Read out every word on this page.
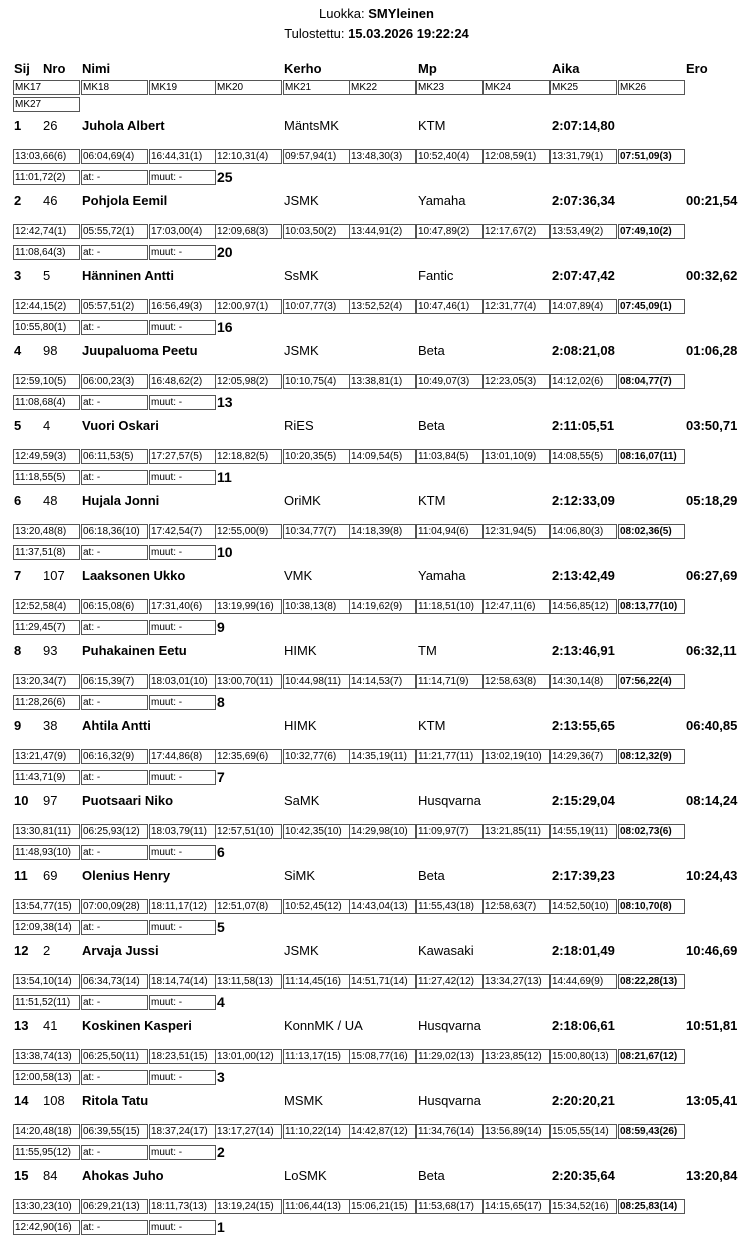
Luokka: SMYleinen
Tulostettu: 15.03.2026 19:22:24
Sij Nro Nimi	Kerho	Mp	Aika	Ero
MK17	MK18	MK19	MK20	MK21	MK22	MK23	MK24	MK25	MK26
MK27
1 26 Juhola Albert	MäntsMK	KTM	2:07:14,80
13:03,66(6)	06:04,69(4)	16:44,31(1)	12:10,31(4)	09:57,94(1)	13:48,30(3)	10:52,40(4)	12:08,59(1)	13:31,79(1)	07:51,09(3)
11:01,72(2)	at: -	muut: -	25
2 46 Pohjola Eemil	JSMK	Yamaha	2:07:36,34	00:21,54
12:42,74(1)	05:55,72(1)	17:03,00(4)	12:09,68(3)	10:03,50(2)	13:44,91(2)	10:47,89(2)	12:17,67(2)	13:53,49(2)	07:49,10(2)
11:08,64(3)	at: -	muut: -	20
3 5 Hänninen Antti	SsMK	Fantic	2:07:47,42	00:32,62
12:44,15(2)	05:57,51(2)	16:56,49(3)	12:00,97(1)	10:07,77(3)	13:52,52(4)	10:47,46(1)	12:31,77(4)	14:07,89(4)	07:45,09(1)
10:55,80(1)	at: -	muut: -	16
4 98 Juupaluoma Peetu	JSMK	Beta	2:08:21,08	01:06,28
12:59,10(5)	06:00,23(3)	16:48,62(2)	12:05,98(2)	10:10,75(4)	13:38,81(1)	10:49,07(3)	12:23,05(3)	14:12,02(6)	08:04,77(7)
11:08,68(4)	at: -	muut: -	13
5 4 Vuori Oskari	RiES	Beta	2:11:05,51	03:50,71
12:49,59(3)	06:11,53(5)	17:27,57(5)	12:18,82(5)	10:20,35(5)	14:09,54(5)	11:03,84(5)	13:01,10(9)	14:08,55(5)	08:16,07(11)
11:18,55(5)	at: -	muut: -	11
6 48 Hujala Jonni	OriMK	KTM	2:12:33,09	05:18,29
13:20,48(8)	06:18,36(10)	17:42,54(7)	12:55,00(9)	10:34,77(7)	14:18,39(8)	11:04,94(6)	12:31,94(5)	14:06,80(3)	08:02,36(5)
11:37,51(8)	at: -	muut: -	10
7 107 Laaksonen Ukko	VMK	Yamaha	2:13:42,49	06:27,69
12:52,58(4)	06:15,08(6)	17:31,40(6)	13:19,99(16)	10:38,13(8)	14:19,62(9)	11:18,51(10)	12:47,11(6)	14:56,85(12)	08:13,77(10)
11:29,45(7)	at: -	muut: -	9
8 93 Puhakainen Eetu	HIMK	TM	2:13:46,91	06:32,11
13:20,34(7)	06:15,39(7)	18:03,01(10) 13:00,70(11)	10:44,98(11)	14:14,53(7)	11:14,71(9)	12:58,63(8)	14:30,14(8)	07:56,22(4)
11:28,26(6)	at: -	muut: -	8
9 38 Ahtila Antti	HIMK	KTM	2:13:55,65	06:40,85
13:21,47(9)	06:16,32(9)	17:44,86(8)	12:35,69(6)	10:32,77(6)	14:35,19(11)	11:21,77(11)	13:02,19(10)	14:29,36(7)	08:12,32(9)
11:43,71(9)	at: -	muut: -	7
10 97 Puotsaari Niko	SaMK	Husqvarna	2:15:29,04	08:14,24
13:30,81(11)	06:25,93(12)	18:03,79(11)	12:57,51(10)	10:42,35(10) 14:29,98(10)	11:09,97(7)	13:21,85(11)	14:55,19(11)	08:02,73(6)
11:48,93(10)	at: -	muut: -	6
11 69 Olenius Henry	SiMK	Beta	2:17:39,23	10:24,43
13:54,77(15)	07:00,09(28)	18:11,17(12)	12:51,07(8)	10:52,45(12) 14:43,04(13)	11:55,43(18)	12:58,63(7)	14:52,50(10)	08:10,70(8)
12:09,38(14)	at: -	muut: -	5
12 2 Arvaja Jussi	JSMK	Kawasaki	2:18:01,49	10:46,69
13:54,10(14)	06:34,73(14)	18:14,74(14) 13:11,58(13)	11:14,45(16)	14:51,71(14)	11:27,42(12)	13:34,27(13)	14:44,69(9)	08:22,28(13)
11:51,52(11)	at: -	muut: -	4
13 41 Koskinen Kasperi	KonnMK / UA	Husqvarna	2:18:06,61	10:51,81
13:38,74(13)	06:25,50(11)	18:23,51(15) 13:01,00(12)	11:13,17(15)	15:08,77(16)	11:29,02(13)	13:23,85(12)	15:00,80(13)	08:21,67(12)
12:00,58(13)	at: -	muut: -	3
14 108 Ritola Tatu	MSMK	Husqvarna	2:20:20,21	13:05,41
14:20,48(18)	06:39,55(15)	18:37,24(17) 13:17,27(14)	11:10,22(14)	14:42,87(12)	11:34,76(14)	13:56,89(14)	15:05,55(14)	08:59,43(26)
11:55,95(12)	at: -	muut: -	2
15 84 Ahokas Juho	LoSMK	Beta	2:20:35,64	13:20,84
13:30,23(10)	06:29,21(13)	18:11,73(13)	13:19,24(15)	11:06,44(13)	15:06,21(15)	11:53,68(17)	14:15,65(17)	15:34,52(16)	08:25,83(14)
12:42,90(16)	at: -	muut: -	1
